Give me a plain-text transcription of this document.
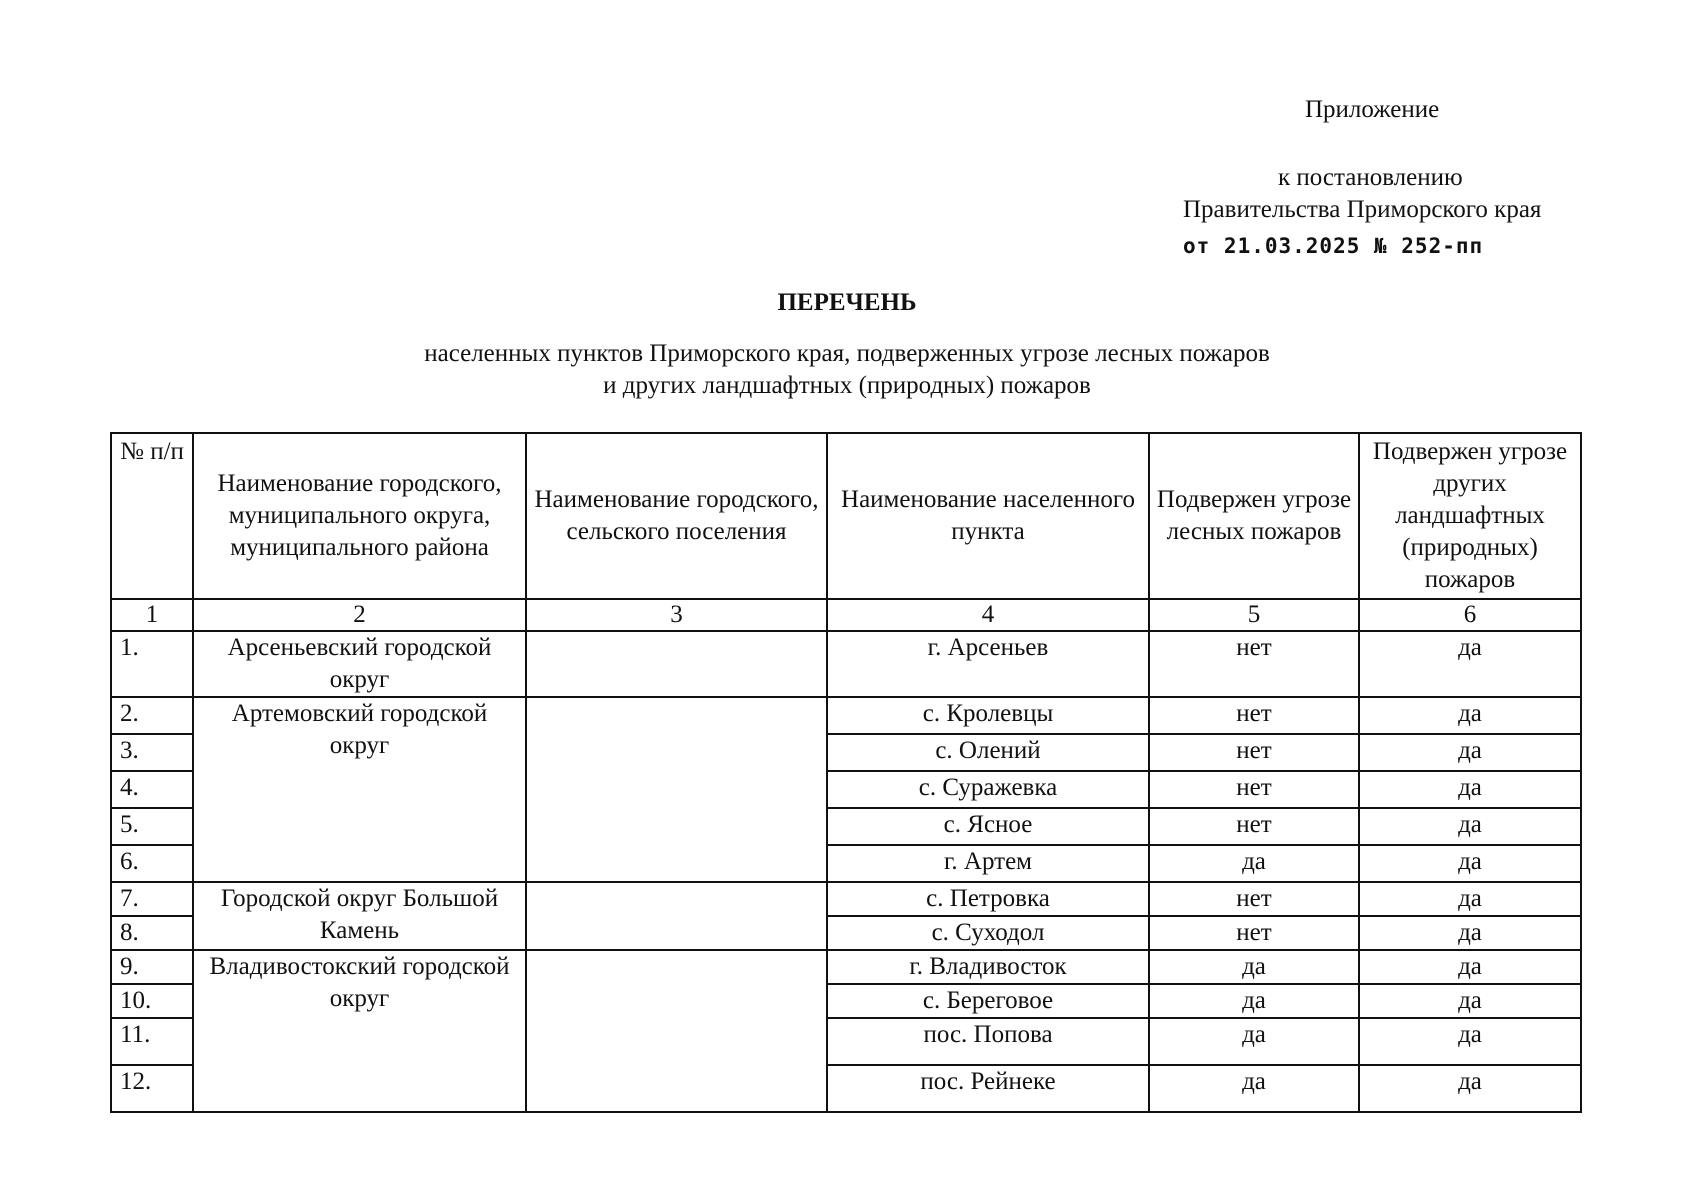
Приложение
к постановлению
Правительства Приморского края
от 21.03.2025 № 252-пп
ПЕРЕЧЕНЬ
населенных пунктов Приморского края, подверженных угрозе лесных пожаров
и других ландшафтных (природных) пожаров
№ п/п	Наименование городского, муниципального округа, муниципального района	Наименование городского, сельского поселения	Наименование населенного пункта	Подвержен угрозе лесных пожаров	Подвержен угрозе других ландшафтных (природных) пожаров
1	2	3	4	5	6
1.	Арсеньевский городской округ		г. Арсеньев	нет	да
2.	Артемовский городской округ		с. Кролевцы	нет	да
3.			с. Олений	нет	да
4.			с. Суражевка	нет	да
5.			с. Ясное	нет	да
6.			г. Артем	да	да
7.	Городской округ Большой Камень		с. Петровка	нет	да
8.			с. Суходол	нет	да
9.	Владивостокский городской округ		г. Владивосток	да	да
10.			с. Береговое	да	да
11.			пос. Попова	да	да
12.			пос. Рейнеке	да	да
